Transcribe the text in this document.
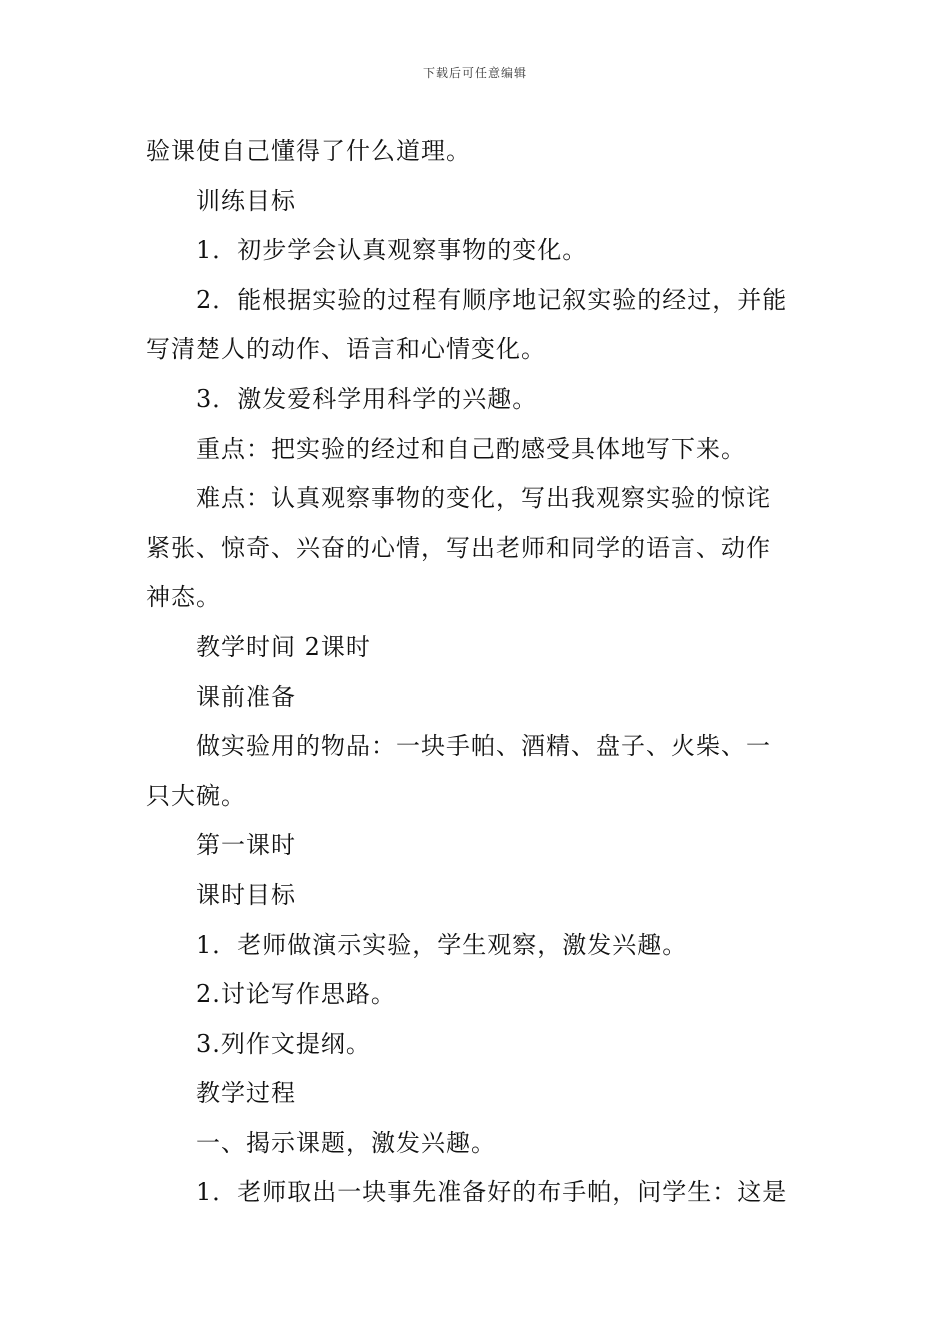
下载后可任意编辑
验课使自己懂得了什么道理。
训练目标
1．初步学会认真观察事物的变化。
2．能根据实验的过程有顺序地记叙实验的经过，并能
写清楚人的动作、语言和心情变化。
3．激发爱科学用科学的兴趣。
重点：把实验的经过和自己酌感受具体地写下来。
难点：认真观察事物的变化，写出我观察实验的惊诧
紧张、惊奇、兴奋的心情，写出老师和同学的语言、动作
神态。
教学时间 2课时
课前准备
做实验用的物品：一块手帕、酒精、盘子、火柴、一
只大碗。
第一课时
课时目标
1．老师做演示实验，学生观察，激发兴趣。
2.讨论写作思路。
3.列作文提纲。
教学过程
一、揭示课题，激发兴趣。
1．老师取出一块事先准备好的布手帕，问学生：这是
